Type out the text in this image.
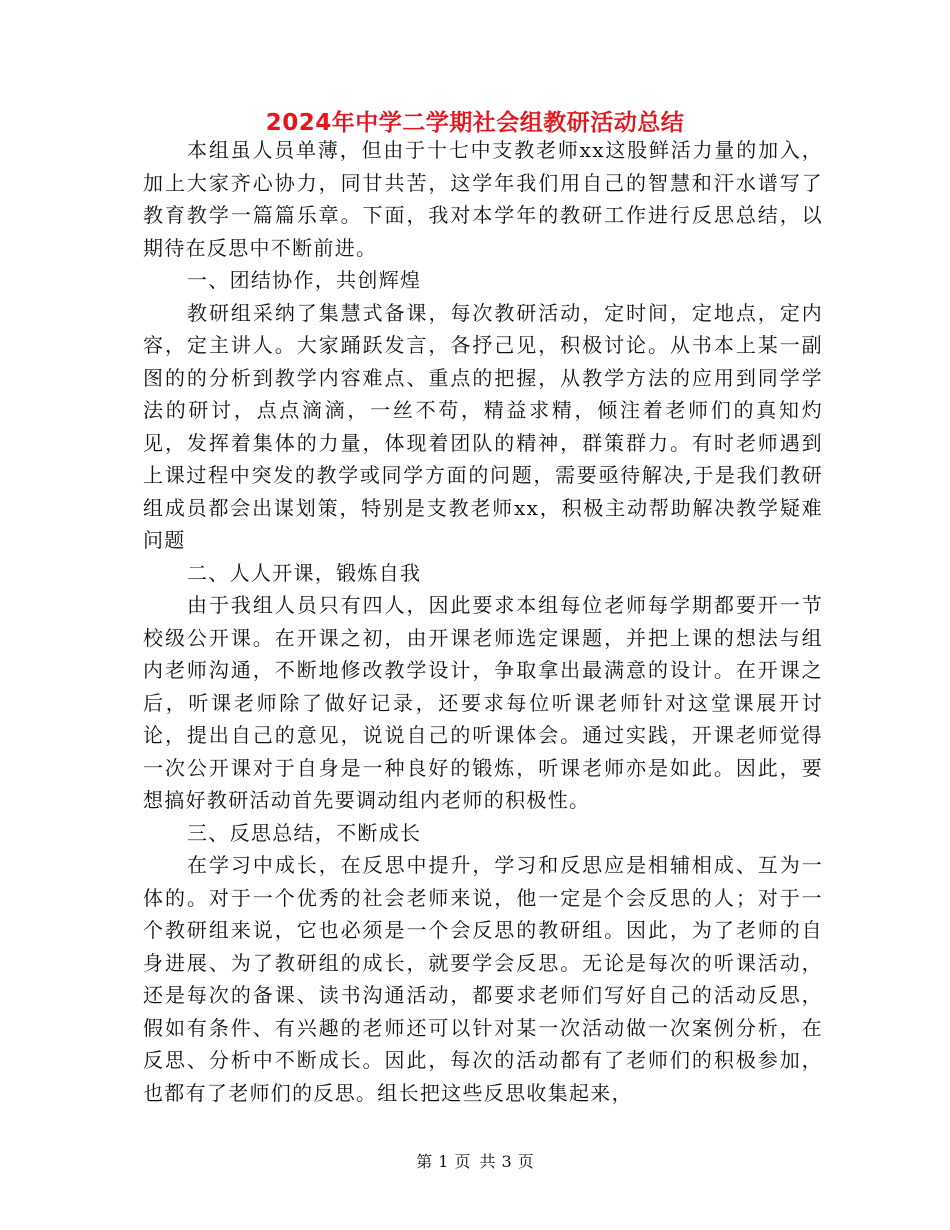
2024年中学二学期社会组教研活动总结

本组虽人员单薄，但由于十七中支教老师xx这股鲜活力量的加入，加上大家齐心协力，同甘共苦，这学年我们用自己的智慧和汗水谱写了教育教学一篇篇乐章。下面，我对本学年的教研工作进行反思总结，以期待在反思中不断前进。

一、团结协作，共创辉煌

教研组采纳了集慧式备课，每次教研活动，定时间，定地点，定内容，定主讲人。大家踊跃发言，各抒己见，积极讨论。从书本上某一副图的的分析到教学内容难点、重点的把握，从教学方法的应用到同学学法的研讨，点点滴滴，一丝不苟，精益求精，倾注着老师们的真知灼见，发挥着集体的力量，体现着团队的精神，群策群力。有时老师遇到上课过程中突发的教学或同学方面的问题，需要亟待解决,于是我们教研组成员都会出谋划策，特别是支教老师xx，积极主动帮助解决教学疑难问题

二、人人开课，锻炼自我

由于我组人员只有四人，因此要求本组每位老师每学期都要开一节校级公开课。在开课之初，由开课老师选定课题，并把上课的想法与组内老师沟通，不断地修改教学设计，争取拿出最满意的设计。在开课之后，听课老师除了做好记录，还要求每位听课老师针对这堂课展开讨论，提出自己的意见，说说自己的听课体会。通过实践，开课老师觉得一次公开课对于自身是一种良好的锻炼，听课老师亦是如此。因此，要想搞好教研活动首先要调动组内老师的积极性。

三、反思总结，不断成长

在学习中成长，在反思中提升，学习和反思应是相辅相成、互为一体的。对于一个优秀的社会老师来说，他一定是个会反思的人；对于一个教研组来说，它也必须是一个会反思的教研组。因此，为了老师的自身进展、为了教研组的成长，就要学会反思。无论是每次的听课活动，还是每次的备课、读书沟通活动，都要求老师们写好自己的活动反思，假如有条件、有兴趣的老师还可以针对某一次活动做一次案例分析，在反思、分析中不断成长。因此，每次的活动都有了老师们的积极参加，也都有了老师们的反思。组长把这些反思收集起来，

第 1 页 共 3 页
